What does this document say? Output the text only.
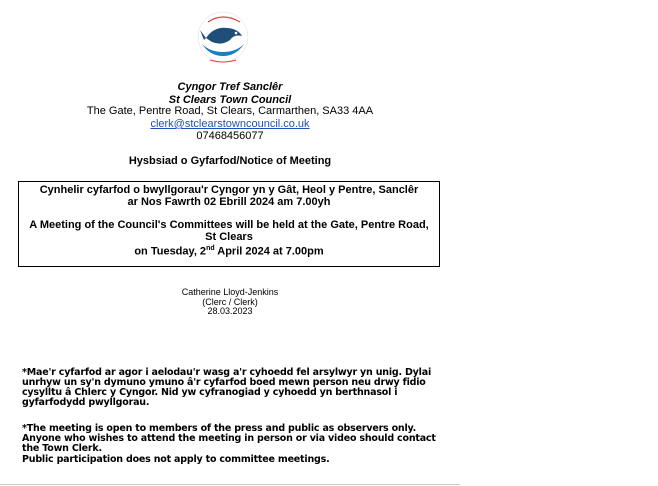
Cyngor Tref Sanclêr
St Clears Town Council
The Gate, Pentre Road, St Clears, Carmarthen, SA33 4AA
clerk@stclearstowncouncil.co.uk
07468456077
Hysbsiad o Gyfarfod/Notice of Meeting
Cynhelir cyfarfod o bwyllgorau'r Cyngor yn y Gât, Heol y Pentre, Sanclêr
ar Nos Fawrth 02 Ebrill 2024 am 7.00yh
A Meeting of the Council's Committees will be held at the Gate, Pentre Road, St Clears
on Tuesday, 2nd April 2024 at 7.00pm
Catherine Lloyd-Jenkins
(Clerc / Clerk)
28.03.2023

*Mae'r cyfarfod ar agor i aelodau'r wasg a'r cyhoedd fel arsylwyr yn unig. Dylai unrhyw un sy'n dymuno ymuno â'r cyfarfod boed mewn person neu drwy fidio cysylltu â Chlerc y Cyngor. Nid yw cyfranogiad y cyhoedd yn berthnasol i gyfarfodydd pwyllgorau.

*The meeting is open to members of the press and public as observers only. Anyone who wishes to attend the meeting in person or via video should contact the Town Clerk.

Public participation does not apply to committee meetings.
